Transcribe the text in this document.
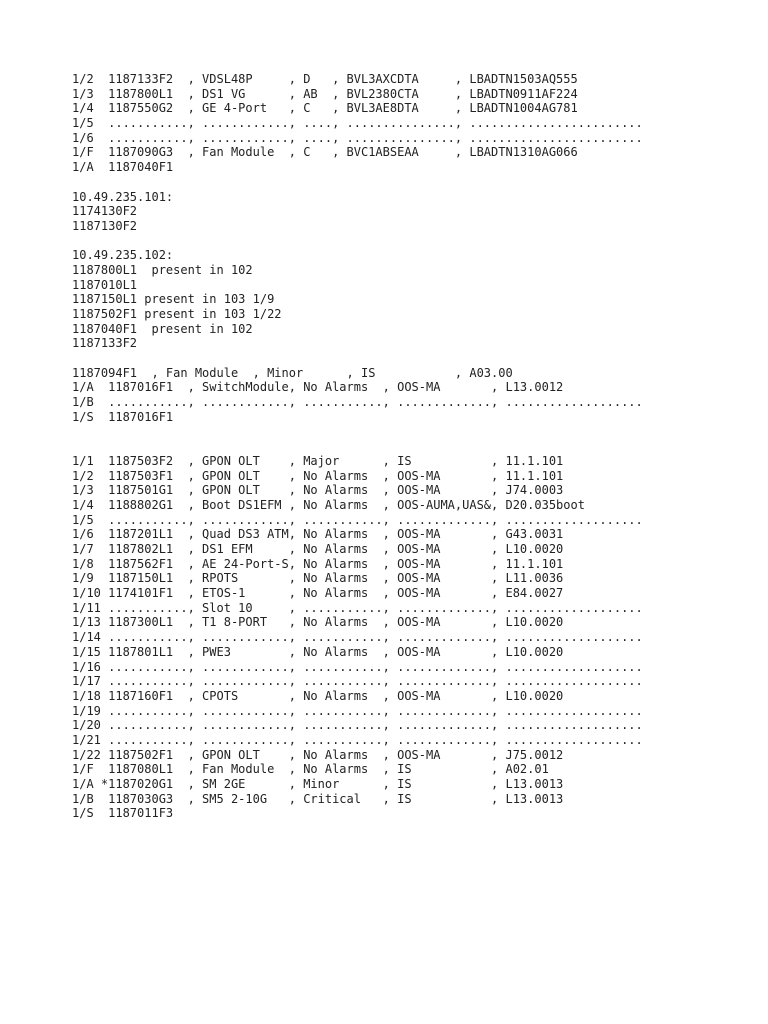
1/2  1187133F2  , VDSL48P     , D   , BVL3AXCDTA     , LBADTN1503AQ555
1/3  1187800L1  , DS1 VG      , AB  , BVL2380CTA     , LBADTN0911AF224
1/4  1187550G2  , GE 4-Port   , C   , BVL3AE8DTA     , LBADTN1004AG781
1/5  ..........., ............, ...., ..............., ........................
1/6  ..........., ............, ...., ..............., ........................
1/F  1187090G3  , Fan Module  , C   , BVC1ABSEAA     , LBADTN1310AG066
1/A  1187040F1
10.49.235.101:
1174130F2
1187130F2
10.49.235.102:
1187800L1  present in 102
1187010L1
1187150L1 present in 103 1/9
1187502F1 present in 103 1/22
1187040F1  present in 102
1187133F2
1187094F1  , Fan Module  , Minor      , IS           , A03.00
1/A  1187016F1  , SwitchModule, No Alarms  , OOS-MA       , L13.0012
1/B  ..........., ............, ..........., ............., ...................
1/S  1187016F1
1/1  1187503F2  , GPON OLT    , Major      , IS           , 11.1.101
1/2  1187503F1  , GPON OLT    , No Alarms  , OOS-MA       , 11.1.101
1/3  1187501G1  , GPON OLT    , No Alarms  , OOS-MA       , J74.0003
1/4  1188802G1  , Boot DS1EFM , No Alarms  , OOS-AUMA,UAS&, D20.035boot
1/5  ..........., ............, ..........., ............., ...................
1/6  1187201L1  , Quad DS3 ATM, No Alarms  , OOS-MA       , G43.0031
1/7  1187802L1  , DS1 EFM     , No Alarms  , OOS-MA       , L10.0020
1/8  1187562F1  , AE 24-Port-S, No Alarms  , OOS-MA       , 11.1.101
1/9  1187150L1  , RPOTS       , No Alarms  , OOS-MA       , L11.0036
1/10 1174101F1  , ETOS-1      , No Alarms  , OOS-MA       , E84.0027
1/11 ..........., Slot 10     , ..........., ............., ...................
1/13 1187300L1  , T1 8-PORT   , No Alarms  , OOS-MA       , L10.0020
1/14 ..........., ............, ..........., ............., ...................
1/15 1187801L1  , PWE3        , No Alarms  , OOS-MA       , L10.0020
1/16 ..........., ............, ..........., ............., ...................
1/17 ..........., ............, ..........., ............., ...................
1/18 1187160F1  , CPOTS       , No Alarms  , OOS-MA       , L10.0020
1/19 ..........., ............, ..........., ............., ...................
1/20 ..........., ............, ..........., ............., ...................
1/21 ..........., ............, ..........., ............., ...................
1/22 1187502F1  , GPON OLT    , No Alarms  , OOS-MA       , J75.0012
1/F  1187080L1  , Fan Module  , No Alarms  , IS           , A02.01
1/A *1187020G1  , SM 2GE      , Minor      , IS           , L13.0013
1/B  1187030G3  , SM5 2-10G   , Critical   , IS           , L13.0013
1/S  1187011F3
